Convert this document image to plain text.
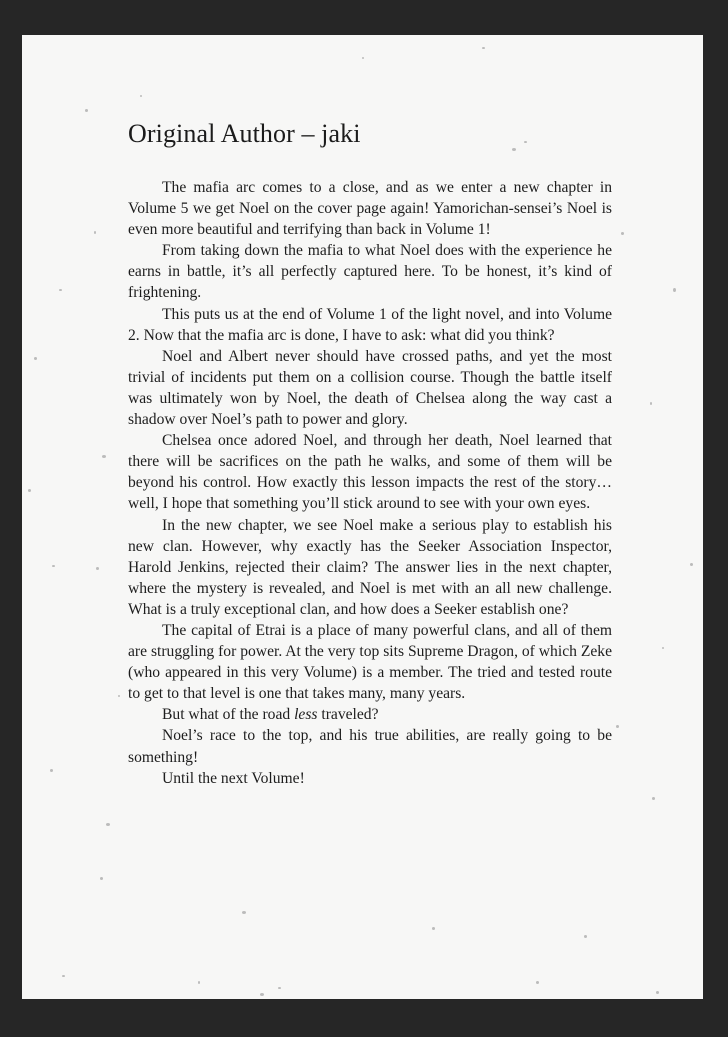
Original Author – jaki

The mafia arc comes to a close, and as we enter a new chapter in Volume 5 we get Noel on the cover page again! Yamorichan-sensei’s Noel is even more beautiful and terrifying than back in Volume 1!

From taking down the mafia to what Noel does with the experience he earns in battle, it’s all perfectly captured here. To be honest, it’s kind of frightening.

This puts us at the end of Volume 1 of the light novel, and into Volume 2. Now that the mafia arc is done, I have to ask: what did you think?

Noel and Albert never should have crossed paths, and yet the most trivial of incidents put them on a collision course. Though the battle itself was ultimately won by Noel, the death of Chelsea along the way cast a shadow over Noel’s path to power and glory.

Chelsea once adored Noel, and through her death, Noel learned that there will be sacrifices on the path he walks, and some of them will be beyond his control. How exactly this lesson impacts the rest of the story…well, I hope that something you’ll stick around to see with your own eyes.

In the new chapter, we see Noel make a serious play to establish his new clan. However, why exactly has the Seeker Association Inspector, Harold Jenkins, rejected their claim? The answer lies in the next chapter, where the mystery is revealed, and Noel is met with an all new challenge. What is a truly exceptional clan, and how does a Seeker establish one?

The capital of Etrai is a place of many powerful clans, and all of them are struggling for power. At the very top sits Supreme Dragon, of which Zeke (who appeared in this very Volume) is a member. The tried and tested route to get to that level is one that takes many, many years.

But what of the road less traveled?

Noel’s race to the top, and his true abilities, are really going to be something!

Until the next Volume!
